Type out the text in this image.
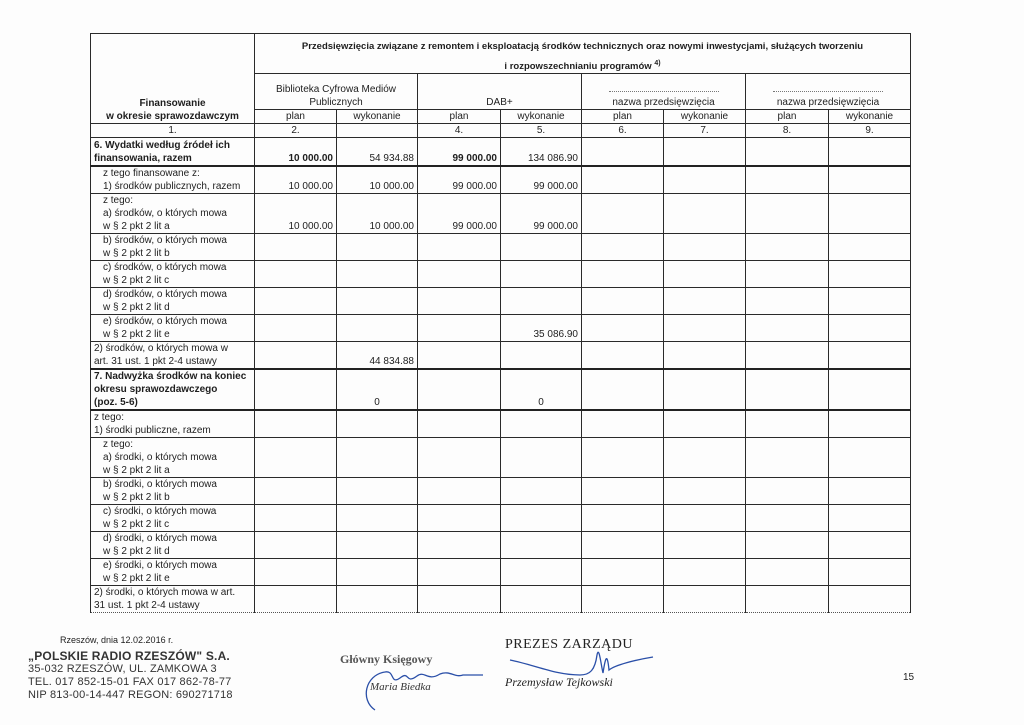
Finansowanie
w okresie sprawozdawczym

Przedsięwzięcia związane z remontem i eksploatacją środków technicznych oraz nowymi inwestycjami, służących tworzeniu
i rozpowszechnianiu programów $^{4)}$

	Biblioteka Cyfrowa Mediów Publicznych		DAB+		nazwa przedsięwzięcia		nazwa przedsięwzięcia	
	plan	wykonanie	plan	wykonanie	plan	wykonanie	plan	wykonanie
1.	2.		4.	5.	6.	7.	8.	9.

6. Wydatki według źródeł ich
finansowania, razem	10 000.00	54 934.88	99 000.00	134 086.90				

z tego finansowane z:
1) środków publicznych, razem	10 000.00	10 000.00	99 000.00	99 000.00				

z tego:
a) środków, o których mowa
w § 2 pkt 2 lit a	10 000.00	10 000.00	99 000.00	99 000.00				

b) środków, o których mowa
w § 2 pkt 2 lit b								

c) środków, o których mowa
w § 2 pkt 2 lit c								

d) środków, o których mowa
w § 2 pkt 2 lit d								

e) środków, o których mowa
w § 2 pkt 2 lit e				35 086.90				

2) środków, o których mowa w
art. 31 ust. 1 pkt 2-4 ustawy		44 834.88						

7. Nadwyżka środków na koniec
okresu sprawozdawczego
(poz. 5-6)		0		0				

z tego:
1) środki publiczne, razem								

z tego:
a) środki, o których mowa
w § 2 pkt 2 lit a								

b) środki, o których mowa
w § 2 pkt 2 lit b								

c) środki, o których mowa
w § 2 pkt 2 lit c								

d) środki, o których mowa
w § 2 pkt 2 lit d								

e) środki, o których mowa
w § 2 pkt 2 lit e								

2) środki, o których mowa w art.
31 ust. 1 pkt 2-4 ustawy								

Rzeszów, dnia 12.02.2016 r.
„POLSKIE RADIO RZESZÓW" S.A.
35-032 RZESZÓW, UL. ZAMKOWA 3
TEL. 017 852-15-01 FAX 017 862-78-77
NIP 813-00-14-447 REGON: 690271718
Główny Księgowy
Maria Biedka
PREZES ZARZĄDU
Przemysław Tejkowski	15
